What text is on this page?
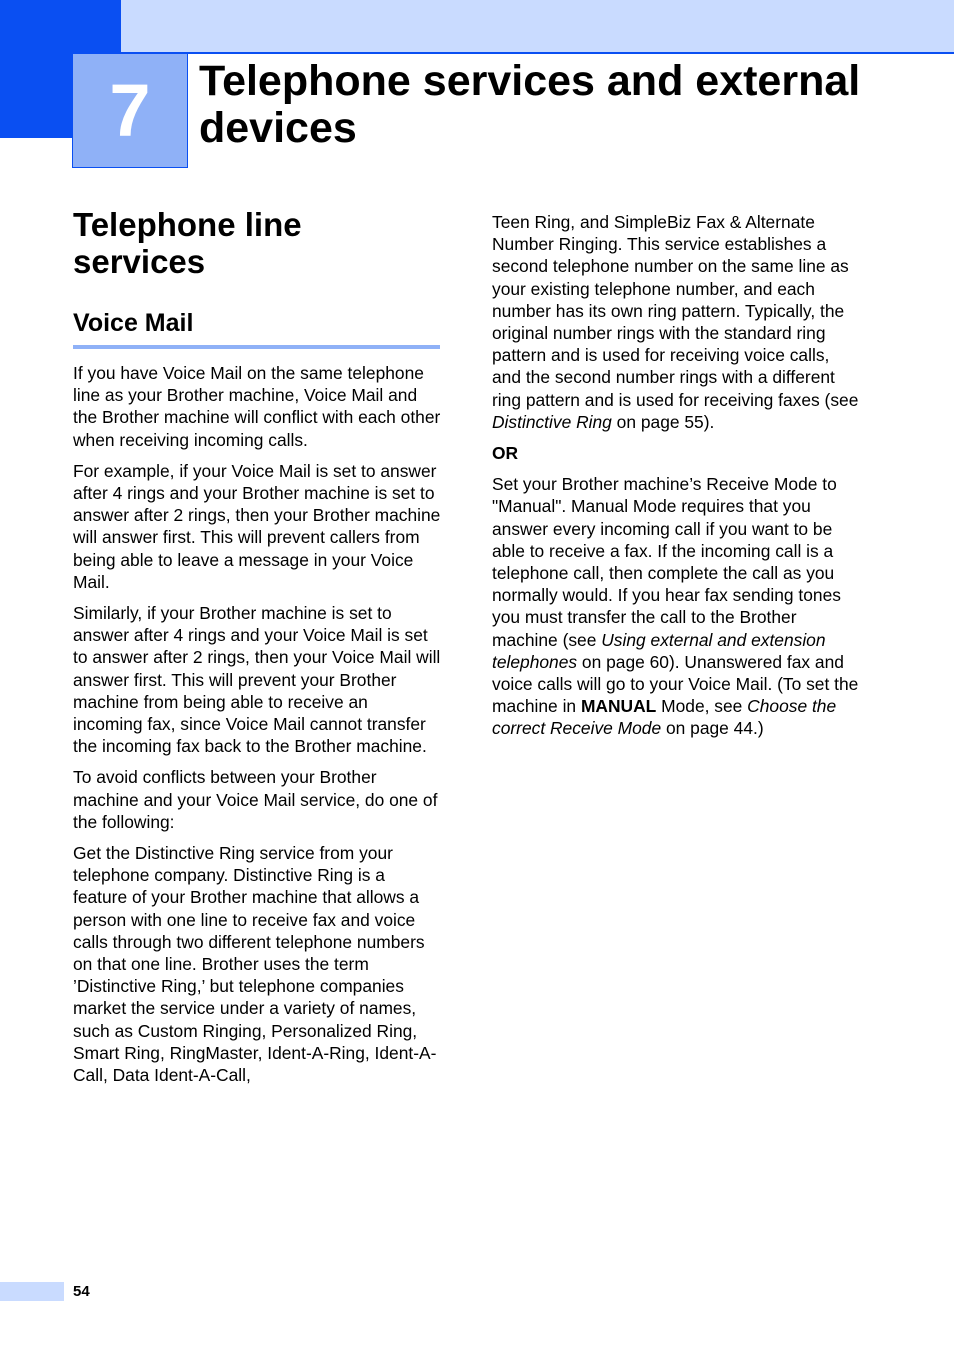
7 Telephone services and external devices
Telephone line services
Voice Mail

If you have Voice Mail on the same telephone line as your Brother machine, Voice Mail and the Brother machine will conflict with each other when receiving incoming calls.

For example, if your Voice Mail is set to answer after 4 rings and your Brother machine is set to answer after 2 rings, then your Brother machine will answer first. This will prevent callers from being able to leave a message in your Voice Mail.

Similarly, if your Brother machine is set to answer after 4 rings and your Voice Mail is set to answer after 2 rings, then your Voice Mail will answer first. This will prevent your Brother machine from being able to receive an incoming fax, since Voice Mail cannot transfer the incoming fax back to the Brother machine.

To avoid conflicts between your Brother machine and your Voice Mail service, do one of the following:

Get the Distinctive Ring service from your telephone company. Distinctive Ring is a feature of your Brother machine that allows a person with one line to receive fax and voice calls through two different telephone numbers on that one line. Brother uses the term ’Distinctive Ring,’ but telephone companies market the service under a variety of names, such as Custom Ringing, Personalized Ring, Smart Ring, RingMaster, Ident-A-Ring, Ident-A-Call, Data Ident-A-Call,

Teen Ring, and SimpleBiz Fax & Alternate Number Ringing. This service establishes a second telephone number on the same line as your existing telephone number, and each number has its own ring pattern. Typically, the original number rings with the standard ring pattern and is used for receiving voice calls, and the second number rings with a different ring pattern and is used for receiving faxes (see Distinctive Ring on page 55).

OR

Set your Brother machine’s Receive Mode to "Manual". Manual Mode requires that you answer every incoming call if you want to be able to receive a fax. If the incoming call is a telephone call, then complete the call as you normally would. If you hear fax sending tones you must transfer the call to the Brother machine (see Using external and extension telephones on page 60). Unanswered fax and voice calls will go to your Voice Mail. (To set the machine in MANUAL Mode, see Choose the correct Receive Mode on page 44.)

54
